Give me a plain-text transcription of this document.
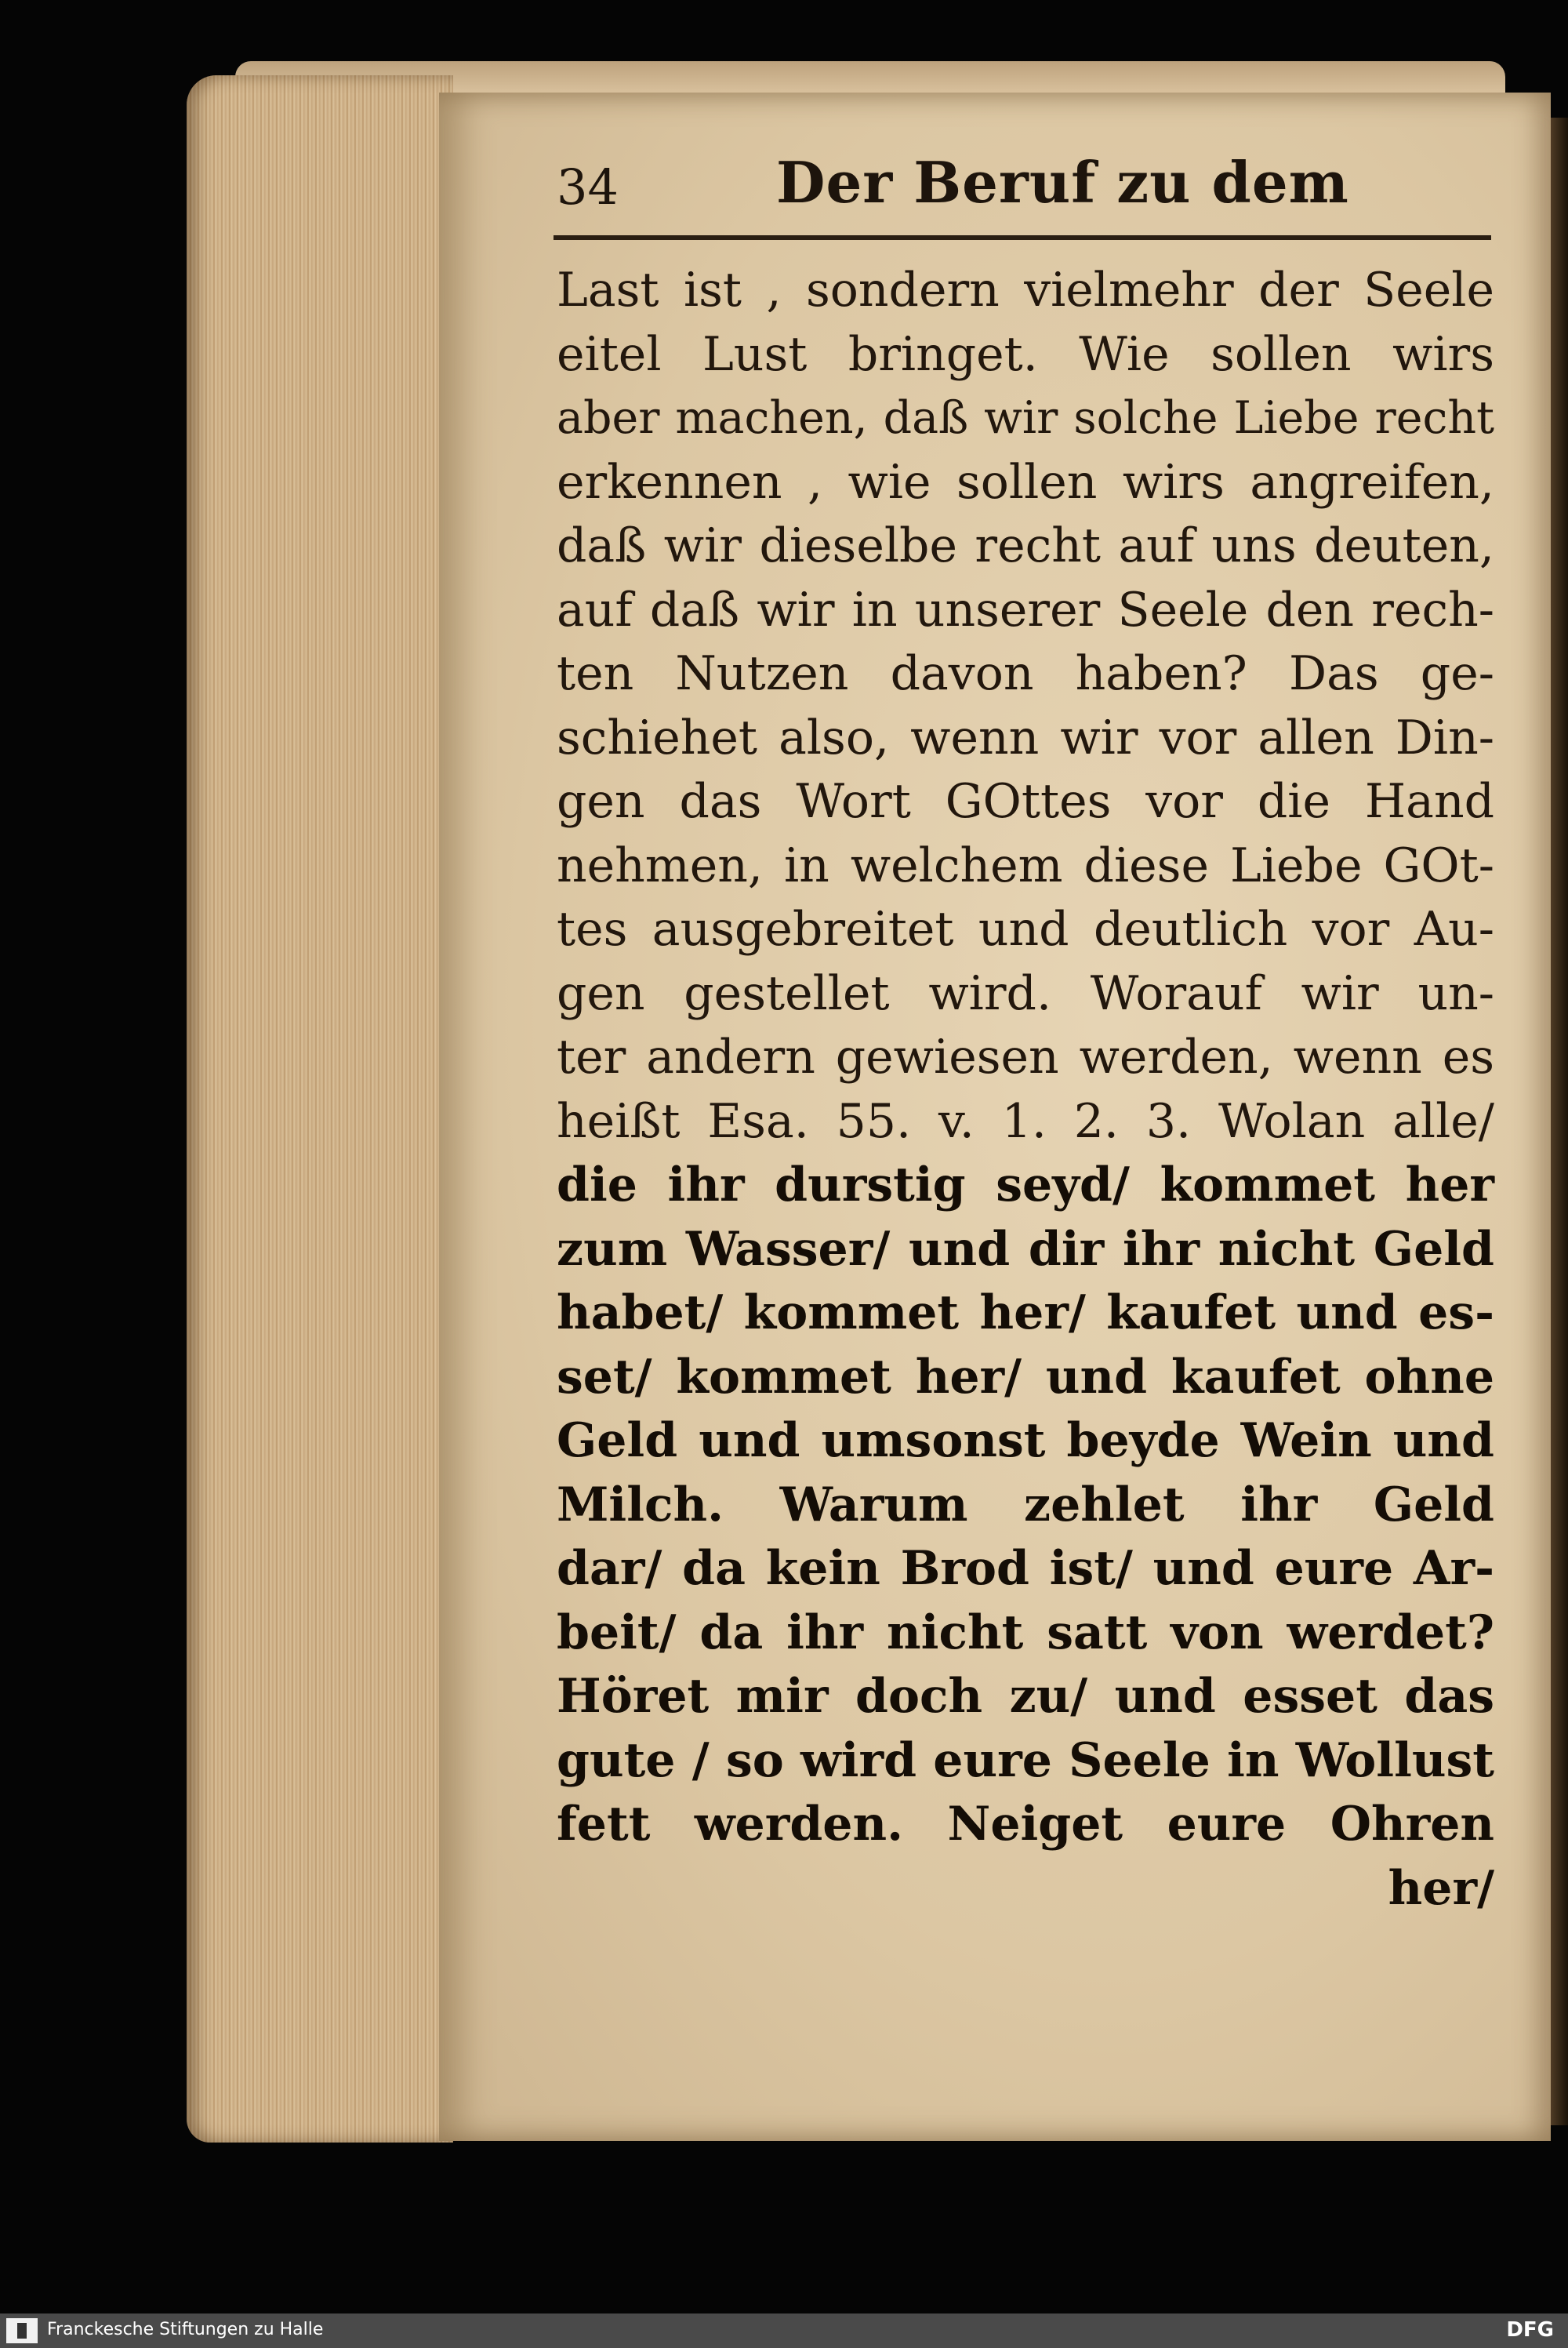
34	Der Beruf zu dem
Last ist , sondern vielmehr der Seele
eitel Lust bringet. Wie sollen wirs
aber machen, daß wir solche Liebe recht
erkennen , wie sollen wirs angreifen,
daß wir dieselbe recht auf uns deuten,
auf daß wir in unserer Seele den rech-
ten Nutzen davon haben? Das ge-
schiehet also, wenn wir vor allen Din-
gen das Wort GOttes vor die Hand
nehmen, in welchem diese Liebe GOt-
tes ausgebreitet und deutlich vor Au-
gen gestellet wird. Worauf wir un-
ter andern gewiesen werden, wenn es
heißt Esa. 55. v. 1. 2. 3. Wolan alle/
die ihr durstig seyd/ kommet her
zum Wasser/ und dir ihr nicht Geld
habet/ kommet her/ kaufet und es-
set/ kommet her/ und kaufet ohne
Geld und umsonst beyde Wein und
Milch. Warum zehlet ihr Geld
dar/ da kein Brod ist/ und eure Ar-
beit/ da ihr nicht satt von werdet?
Höret mir doch zu/ und esset das
gute / so wird eure Seele in Wollust
fett werden. Neiget eure Ohren
her/
Franckesche Stiftungen zu Halle	DFG
